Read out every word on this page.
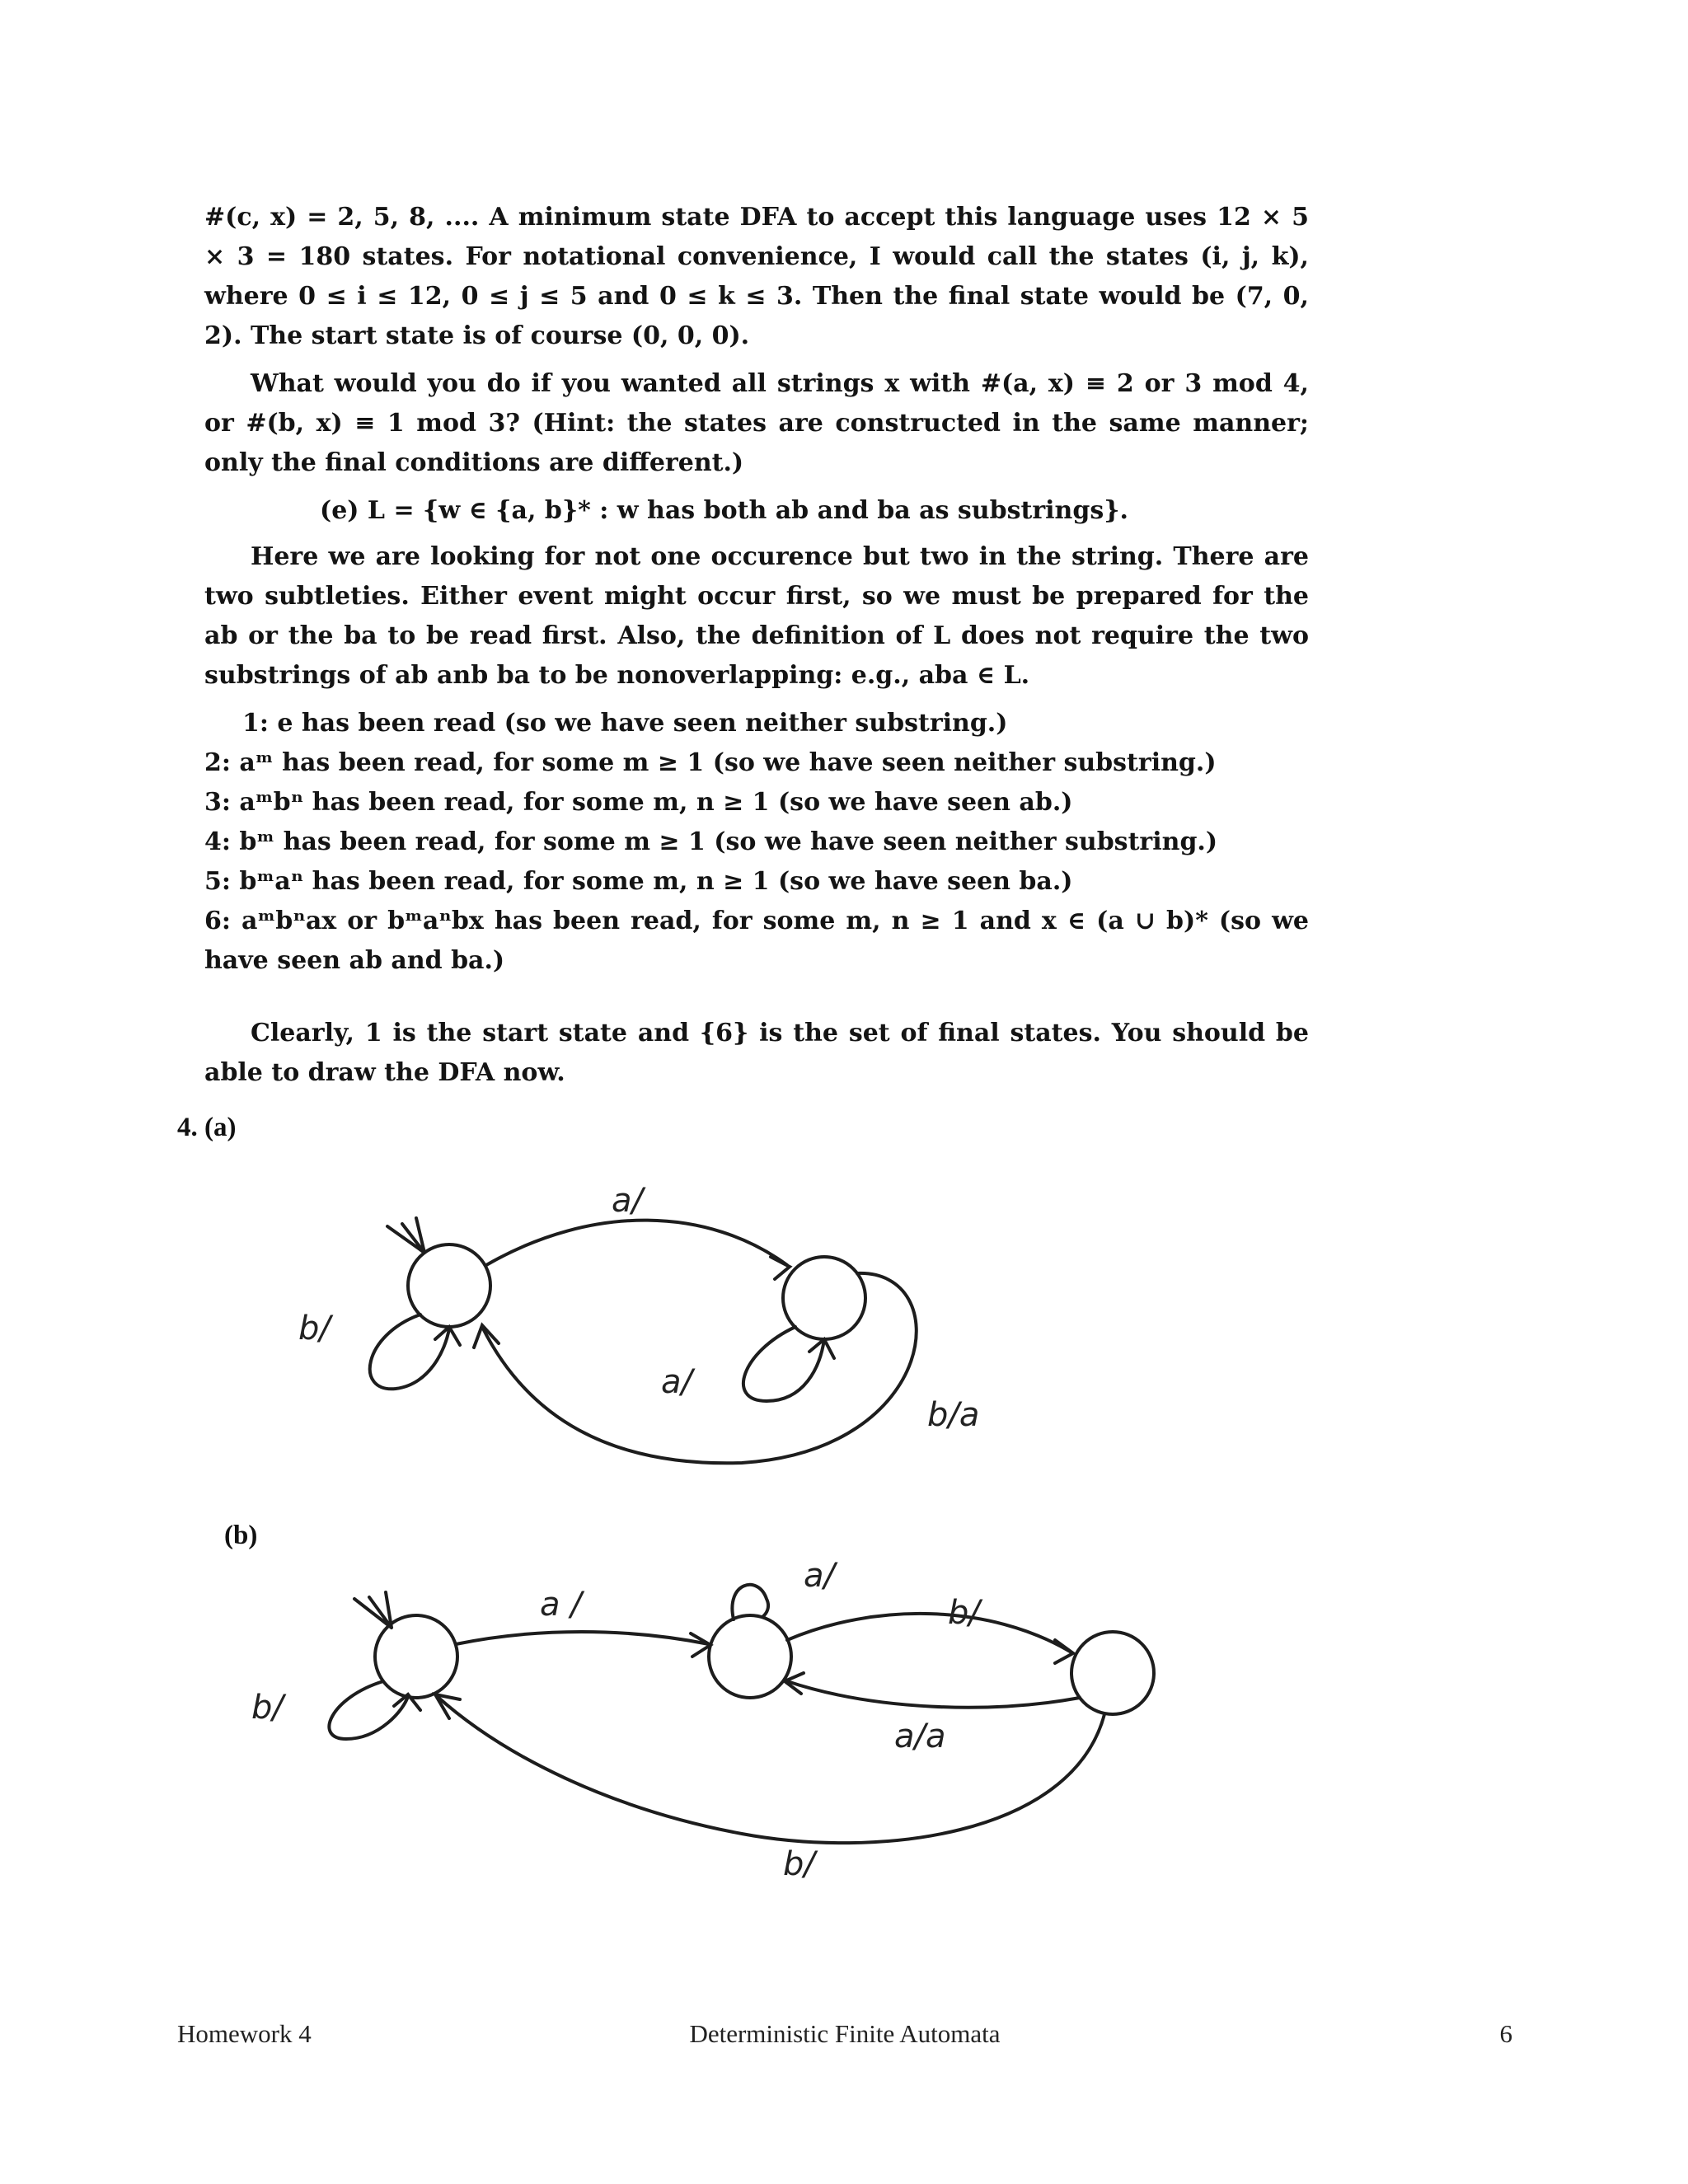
#(c, x) = 2, 5, 8, .... A minimum state DFA to accept this language uses 12 × 5 × 3 = 180 states. For notational convenience, I would call the states (i, j, k), where 0 ≤ i ≤ 12, 0 ≤ j ≤ 5 and 0 ≤ k ≤ 3. Then the final state would be (7, 0, 2). The start state is of course (0, 0, 0).

What would you do if you wanted all strings x with #(a, x) ≡ 2 or 3 mod 4, or #(b, x) ≡ 1 mod 3? (Hint: the states are constructed in the same manner; only the final conditions are different.)

(e) L = {w ∈ {a, b}* : w has both ab and ba as substrings}.

Here we are looking for not one occurence but two in the string. There are two subtleties. Either event might occur first, so we must be prepared for the ab or the ba to be read first. Also, the definition of L does not require the two substrings of ab anb ba to be nonoverlapping: e.g., aba ∈ L.

1: e has been read (so we have seen neither substring.)

2: aᵐ has been read, for some m ≥ 1 (so we have seen neither substring.)

3: aᵐbⁿ has been read, for some m, n ≥ 1 (so we have seen ab.)

4: bᵐ has been read, for some m ≥ 1 (so we have seen neither substring.)

5: bᵐaⁿ has been read, for some m, n ≥ 1 (so we have seen ba.)

6: aᵐbⁿax or bᵐaⁿbx has been read, for some m, n ≥ 1 and x ∈ (a ∪ b)* (so we have seen ab and ba.)

Clearly, 1 is the start state and {6} is the set of final states. You should be able to draw the DFA now.

4. (a)
a/
b/
a/
b/a
(b)
a /
b/
a/
b/
a/a
b/
Homework 4	Deterministic Finite Automata	6
